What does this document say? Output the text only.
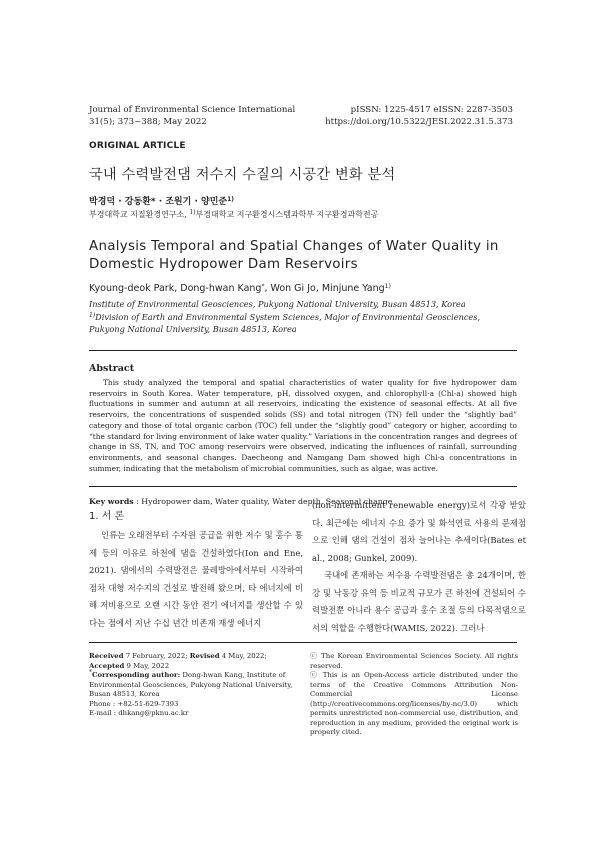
Journal of Environmental Science International
31(5); 373~388; May 2022
pISSN: 1225-4517 eISSN: 2287-3503
https://doi.org/10.5322/JESI.2022.31.5.373
ORIGINAL ARTICLE
국내 수력발전댐 저수지 수질의 시공간 변화 분석
박경덕 · 강동환* · 조원기 · 양민준$^{1)}$
부경대학교 지질환경연구소, $^{1)}$부경대학교 지구환경시스템과학부 지구환경과학전공
Analysis Temporal and Spatial Changes of Water Quality in Domestic Hydropower Dam Reservoirs
Kyoung-deok Park, Dong-hwan Kang*, Won Gi Jo, Minjune Yang$^{1)}$
Institute of Environmental Geosciences, Pukyong National University, Busan 48513, Korea
$^{1)}$Division of Earth and Environmental System Sciences, Major of Environmental Geosciences, Pukyong National University, Busan 48513, Korea
Abstract
This study analyzed the temporal and spatial characteristics of water quality for five hydropower dam reservoirs in South Korea. Water temperature, pH, dissolved oxygen, and chlorophyll-a (Chl-a) showed high fluctuations in summer and autumn at all reservoirs, indicating the existence of seasonal effects. At all five reservoirs, the concentrations of suspended solids (SS) and total nitrogen (TN) fell under the “slightly bad” category and those of total organic carbon (TOC) fell under the “slightly good” category or higher, according to “the standard for living environment of lake water quality.” Variations in the concentration ranges and degrees of change in SS, TN, and TOC among reservoirs were observed, indicating the influences of rainfall, surrounding environments, and seasonal changes. Daecheong and Namgang Dam showed high Chl-a concentrations in summer, indicating that the metabolism of microbial communities, such as algae, was active.
Key words : Hydropower dam, Water quality, Water depth, Seasonal change
1. 서 론

인류는 오래전부터 수자원 공급을 위한 저수 및 홍수 통제 등의 이유로 하천에 댐을 건설하였다(Ion and Ene, 2021). 댐에서의 수력발전은 물레방아에서부터 시작하여 점차 대형 저수지의 건설로 발전해 왔으며, 타 에너지에 비해 저비용으로 오랜 시간 동안 전기 에너지를 생산할 수 있다는 점에서 지난 수십 년간 비존재 재생 에너지

(non-intermittent renewable energy)로서 각광 받았다. 최근에는 에너지 수요 증가 및 화석연료 사용의 문제점으로 인해 댐의 건설이 점차 늘어나는 추세이다(Bates et al., 2008; Gunkel, 2009).

국내에 존재하는 저수용 수력발전댐은 총 24개이며, 한강 및 낙동강 유역 등 비교적 규모가 큰 하천에 건설되어 수력발전뿐 아니라 용수 공급과 홍수 조절 등의 다목적댐으로서의 역할을 수행한다(WAMIS, 2022). 그러나

Received 7 February, 2022; Revised 4 May, 2022;
Accepted 9 May, 2022
*Corresponding author: Dong-hwan Kang, Institute of Environmental Geosciences, Pukyong National University, Busan 48513, Korea
Phone : +82-51-629-7393
E-mail : dhkang@pknu.ac.kr
ⓒ The Korean Environmental Sciences Society. All rights reserved.
ⓒ This is an Open-Access article distributed under the terms of the Creative Commons Attribution Non-Commercial License (http://creativecommons.org/licenses/by-nc/3.0) which permits unrestricted non-commercial use, distribution, and reproduction in any medium, provided the original work is properly cited.
